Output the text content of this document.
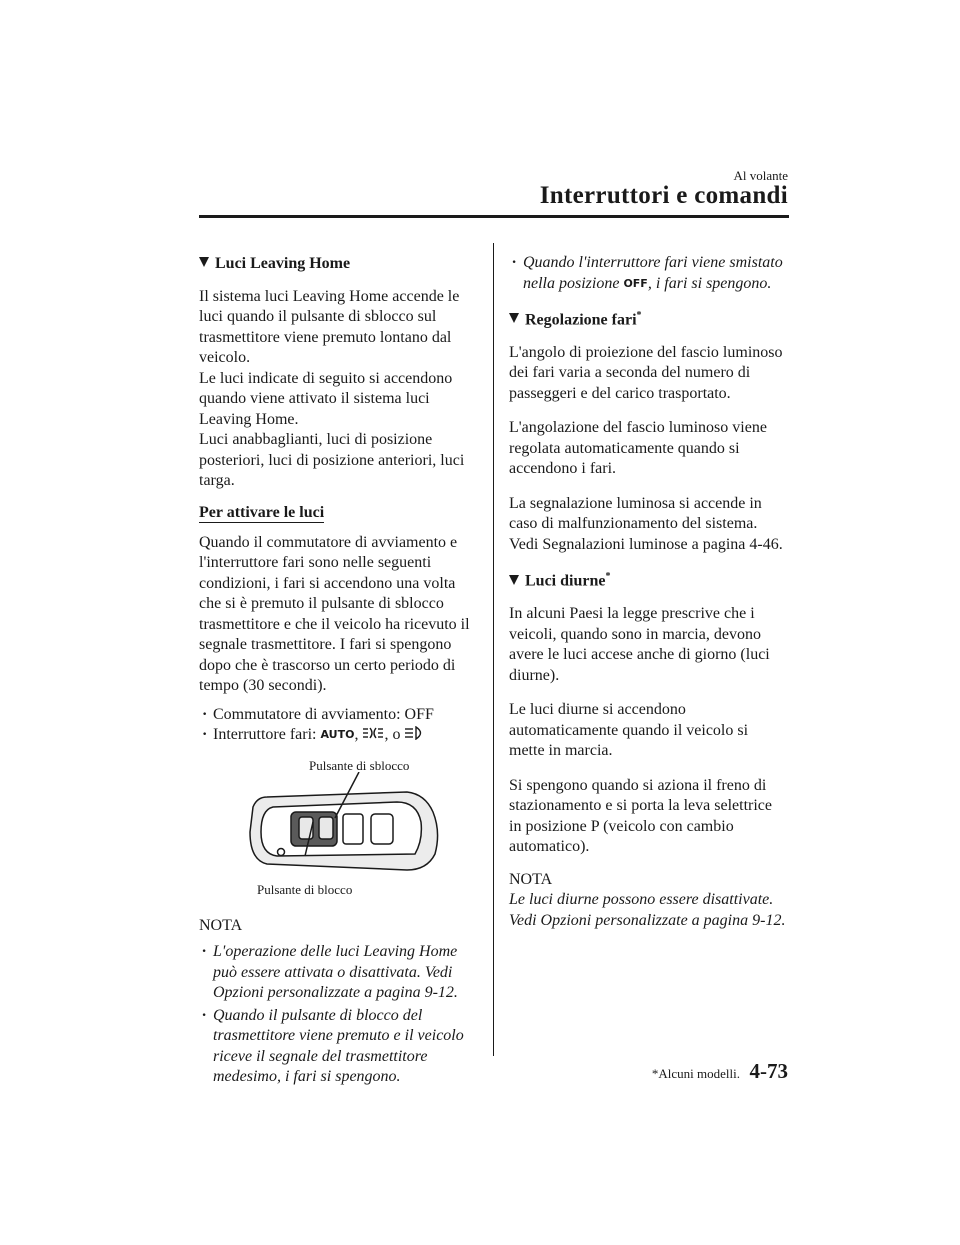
Al volante
Interruttori e comandi
Luci Leaving Home

Il sistema luci Leaving Home accende le luci quando il pulsante di sblocco sul trasmettitore viene premuto lontano dal veicolo.

Le luci indicate di seguito si accendono quando viene attivato il sistema luci Leaving Home.

Luci anabbaglianti, luci di posizione posteriori, luci di posizione anteriori, luci targa.

Per attivare le luci

Quando il commutatore di avviamento e l'interruttore fari sono nelle seguenti condizioni, i fari si accendono una volta che si è premuto il pulsante di sblocco trasmettitore e che il veicolo ha ricevuto il segnale trasmettitore. I fari si spengono dopo che è trascorso un certo periodo di tempo (30 secondi).

· Commutatore di avviamento: OFF
· Interruttore fari: AUTO, , o
Pulsante di sblocco
Pulsante di blocco
NOTA
· L'operazione delle luci Leaving Home può essere attivata o disattivata. Vedi Opzioni personalizzate a pagina 9-12.
· Quando il pulsante di blocco del trasmettitore viene premuto e il veicolo riceve il segnale del trasmettitore medesimo, i fari si spengono.
· Quando l'interruttore fari viene smistato nella posizione OFF, i fari si spengono.
Regolazione fari*

L'angolo di proiezione del fascio luminoso dei fari varia a seconda del numero di passeggeri e del carico trasportato.

L'angolazione del fascio luminoso viene regolata automaticamente quando si accendono i fari.

La segnalazione luminosa si accende in caso di malfunzionamento del sistema. Vedi Segnalazioni luminose a pagina 4-46.

Luci diurne*

In alcuni Paesi la legge prescrive che i veicoli, quando sono in marcia, devono avere le luci accese anche di giorno (luci diurne).

Le luci diurne si accendono automaticamente quando il veicolo si mette in marcia.

Si spengono quando si aziona il freno di stazionamento e si porta la leva selettrice in posizione P (veicolo con cambio automatico).

NOTA

Le luci diurne possono essere disattivate. Vedi Opzioni personalizzate a pagina 9-12.

*Alcuni modelli. 4-73
